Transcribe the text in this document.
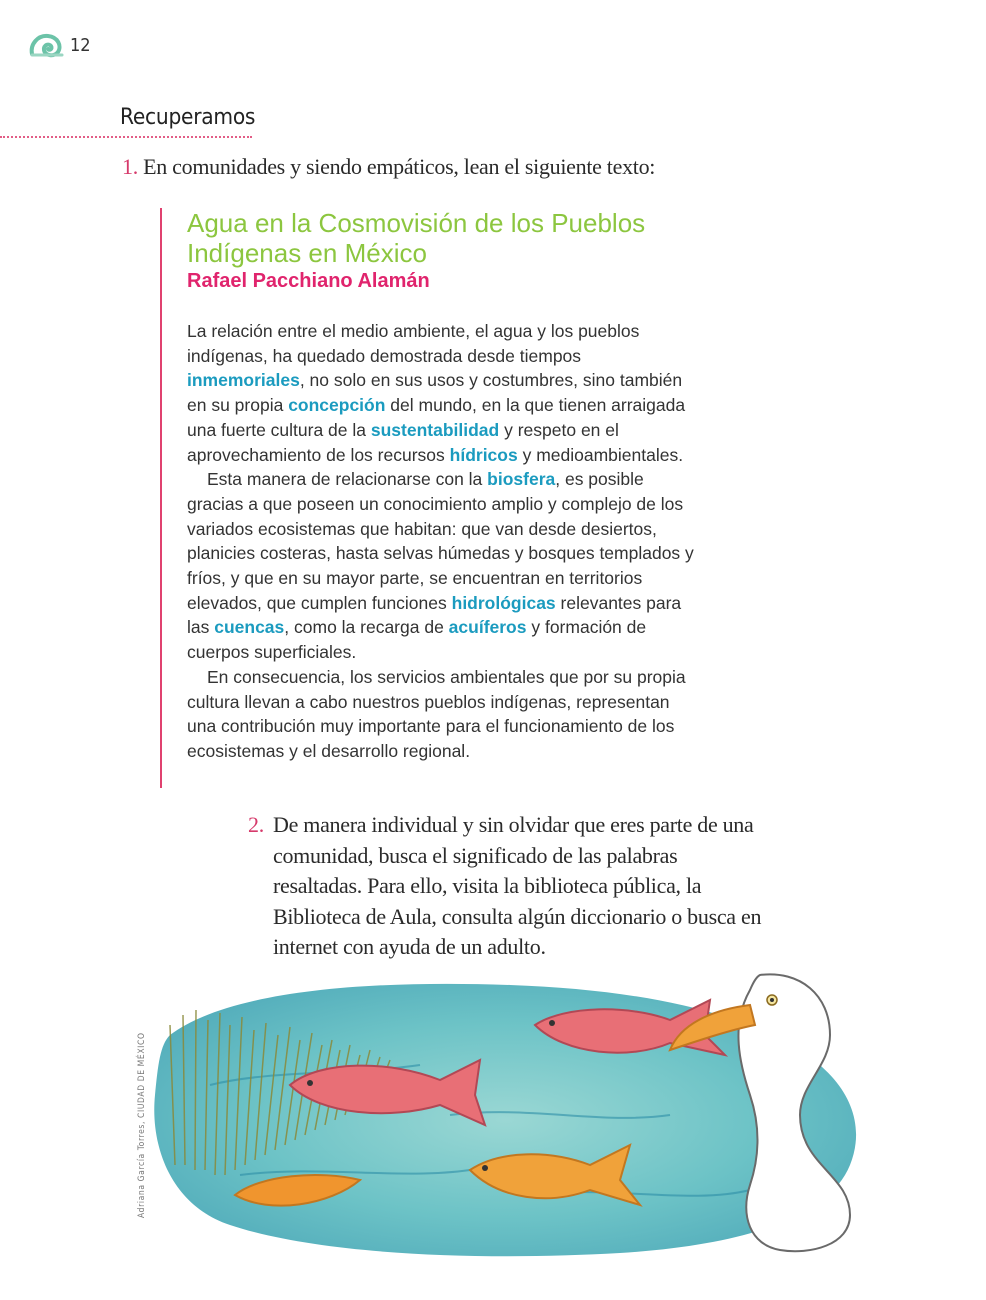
12
Recuperamos
1. En comunidades y siendo empáticos, lean el siguiente texto:
Agua en la Cosmovisión de los Pueblos
Indígenas en México
Rafael Pacchiano Alamán

La relación entre el medio ambiente, el agua y los pueblos indígenas, ha quedado demostrada desde tiempos inmemoriales, no solo en sus usos y costumbres, sino también en su propia concepción del mundo, en la que tienen arraigada una fuerte cultura de la sustentabilidad y respeto en el aprovechamiento de los recursos hídricos y medioambientales.

Esta manera de relacionarse con la biosfera, es posible gracias a que poseen un conocimiento amplio y complejo de los variados ecosistemas que habitan: que van desde desiertos, planicies costeras, hasta selvas húmedas y bosques templados y fríos, y que en su mayor parte, se encuentran en territorios elevados, que cumplen funciones hidrológicas relevantes para las cuencas, como la recarga de acuíferos y formación de cuerpos superficiales.

En consecuencia, los servicios ambientales que por su propia cultura llevan a cabo nuestros pueblos indígenas, representan una contribución muy importante para el funcionamiento de los ecosistemas y el desarrollo regional.

2. De manera individual y sin olvidar que eres parte de una comunidad, busca el significado de las palabras resaltadas. Para ello, visita la biblioteca pública, la Biblioteca de Aula, consulta algún diccionario o busca en internet con ayuda de un adulto.
Adriana García Torres, CIUDAD DE MÉXICO
